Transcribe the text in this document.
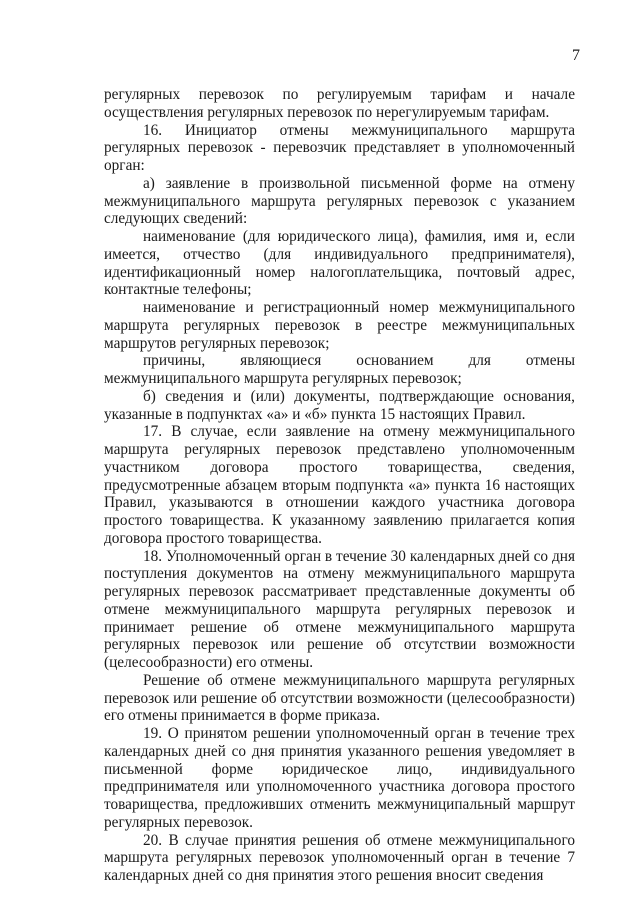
7

регулярных перевозок по регулируемым тарифам и начале осуществления регулярных перевозок по нерегулируемым тарифам.

16. Инициатор отмены межмуниципального маршрута регулярных перевозок - перевозчик представляет в уполномоченный орган:

а) заявление в произвольной письменной форме на отмену межмуниципального маршрута регулярных перевозок с указанием следующих сведений:

наименование (для юридического лица), фамилия, имя и, если имеется, отчество (для индивидуального предпринимателя), идентификационный номер налогоплательщика, почтовый адрес, контактные телефоны;

наименование и регистрационный номер межмуниципального маршрута регулярных перевозок в реестре межмуниципальных маршрутов регулярных перевозок;

причины, являющиеся основанием для отмены межмуниципального маршрута регулярных перевозок;

б) сведения и (или) документы, подтверждающие основания, указанные в подпунктах «а» и «б» пункта 15 настоящих Правил.

17. В случае, если заявление на отмену межмуниципального маршрута регулярных перевозок представлено уполномоченным участником договора простого товарищества, сведения, предусмотренные абзацем вторым подпункта «а» пункта 16 настоящих Правил, указываются в отношении каждого участника договора простого товарищества. К указанному заявлению прилагается копия договора простого товарищества.

18. Уполномоченный орган в течение 30 календарных дней со дня поступления документов на отмену межмуниципального маршрута регулярных перевозок рассматривает представленные документы об отмене межмуниципального маршрута регулярных перевозок и принимает решение об отмене межмуниципального маршрута регулярных перевозок или решение об отсутствии возможности (целесообразности) его отмены.

Решение об отмене межмуниципального маршрута регулярных перевозок или решение об отсутствии возможности (целесообразности) его отмены принимается в форме приказа.

19. О принятом решении уполномоченный орган в течение трех календарных дней со дня принятия указанного решения уведомляет в письменной форме юридическое лицо, индивидуального предпринимателя или уполномоченного участника договора простого товарищества, предложивших отменить межмуниципальный маршрут регулярных перевозок.

20. В случае принятия решения об отмене межмуниципального маршрута регулярных перевозок уполномоченный орган в течение 7 календарных дней со дня принятия этого решения вносит сведения
